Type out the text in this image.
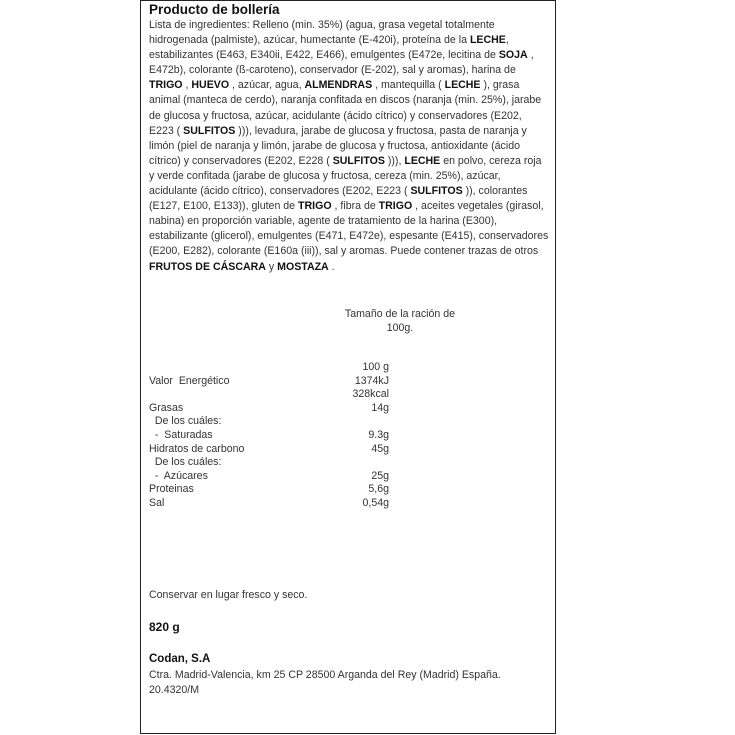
Producto de bollería
Lista de ingredientes: Relleno (min. 35%) (agua, grasa vegetal totalmente hidrogenada (palmiste), azúcar, humectante (E-420i), proteína de la LECHE, estabilizantes (E463, E340ii, E422, E466), emulgentes (E472e, lecitina de SOJA , E472b), colorante (ß-caroteno), conservador (E-202), sal y aromas), harina de TRIGO , HUEVO , azúcar, agua, ALMENDRAS , mantequilla ( LECHE ), grasa animal (manteca de cerdo), naranja confitada en discos (naranja (min. 25%), jarabe de glucosa y fructosa, azúcar, acidulante (ácido cítrico) y conservadores (E202, E223 ( SULFITOS ))), levadura, jarabe de glucosa y fructosa, pasta de naranja y limón (piel de naranja y limón, jarabe de glucosa y fructosa, antioxidante (ácido cítrico) y conservadores (E202, E228 ( SULFITOS ))), LECHE en polvo, cereza roja y verde confitada (jarabe de glucosa y fructosa, cereza (min. 25%), azúcar, acidulante (ácido cítrico), conservadores (E202, E223 ( SULFITOS )), colorantes (E127, E100, E133)), gluten de TRIGO , fibra de TRIGO , aceites vegetales (girasol, nabina) en proporción variable, agente de tratamiento de la harina (E300), estabilizante (glicerol), emulgentes (E471, E472e), espesante (E415), conservadores (E200, E282), colorante (E160a (iii)), sal y aromas. Puede contener trazas de otros FRUTOS DE CÁSCARA y MOSTAZA .
Tamaño de la ración de
100g.
100 g
Valor  Energético	1374kJ
328kcal
Grasas	14g
De los cuáles:
-  Saturadas	9.3g
Hidratos de carbono	45g
De los cuáles:
-  Azúcares	25g
Proteinas	5,6g
Sal	0,54g
Conservar en lugar fresco y seco.
820 g
Codan, S.A
Ctra. Madrid-Valencia, km 25 CP 28500 Arganda del Rey (Madrid) España.
20.4320/M
